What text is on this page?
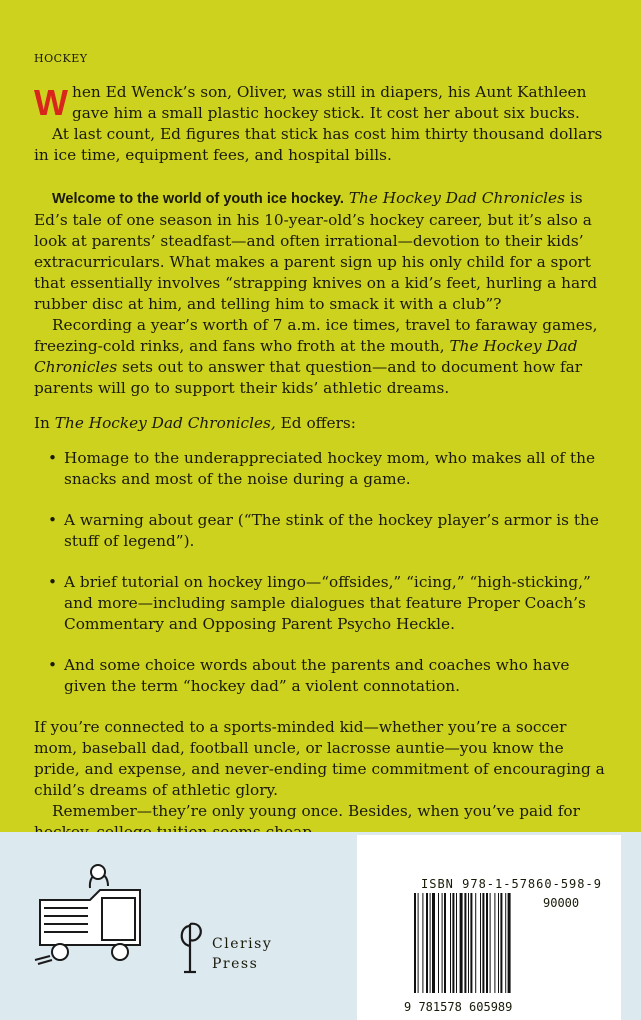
HOCKEY

When Ed Wenck’s son, Oliver, was still in diapers, his Aunt Kathleen gave him a small plastic hockey stick. It cost her about six bucks.

At last count, Ed figures that stick has cost him thirty thousand dollars in ice time, equipment fees, and hospital bills.

Welcome to the world of youth ice hockey. The Hockey Dad Chronicles is Ed’s tale of one season in his 10-year-old’s hockey career, but it’s also a look at parents’ steadfast—and often irrational—devotion to their kids’ extracurriculars. What makes a parent sign up his only child for a sport that essentially involves “strapping knives on a kid’s feet, hurling a hard rubber disc at him, and telling him to smack it with a club”?

Recording a year’s worth of 7 a.m. ice times, travel to faraway games, freezing-cold rinks, and fans who froth at the mouth, The Hockey Dad Chronicles sets out to answer that question—and to document how far parents will go to support their kids’ athletic dreams.

In The Hockey Dad Chronicles, Ed offers:

• Homage to the underappreciated hockey mom, who makes all of the snacks and most of the noise during a game.
• A warning about gear (“The stink of the hockey player’s armor is the stuff of legend”).
• A brief tutorial on hockey lingo—“offsides,” “icing,” “high-sticking,” and more—including sample dialogues that feature Proper Coach’s Commentary and Opposing Parent Psycho Heckle.
• And some choice words about the parents and coaches who have given the term “hockey dad” a violent connotation.

If you’re connected to a sports-minded kid—whether you’re a soccer mom, baseball dad, football uncle, or lacrosse auntie—you know the pride, and expense, and never-ending time commitment of encouraging a child’s dreams of athletic glory.

Remember—they’re only young once. Besides, when you’ve paid for

Clerisy
Press
ISBN 978-1-57860-598-9
90000
9 781578 605989
